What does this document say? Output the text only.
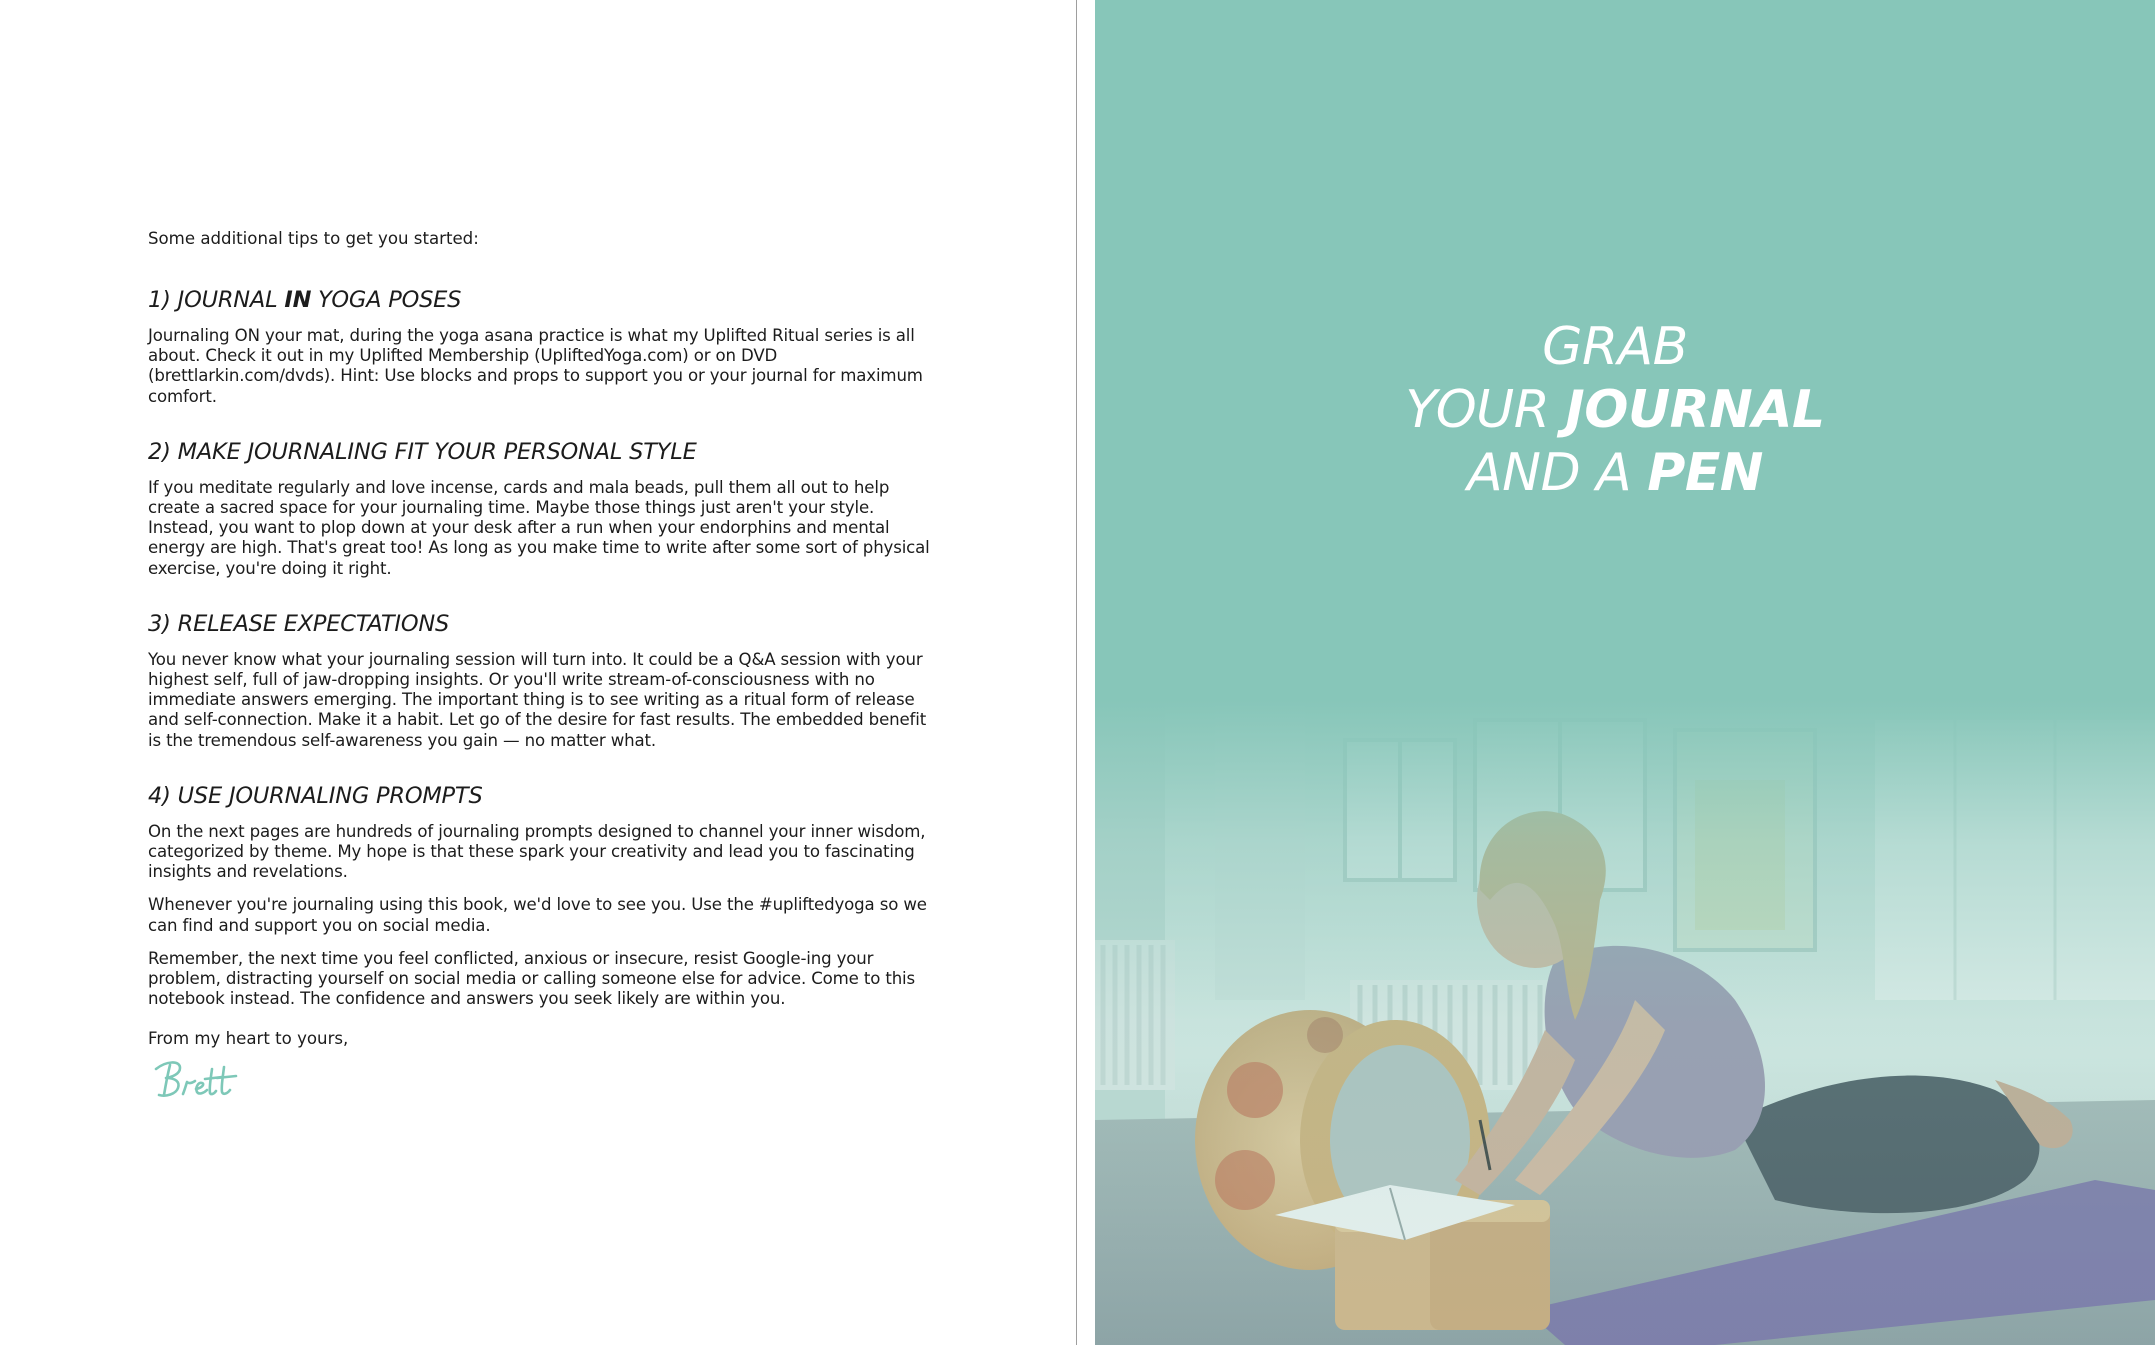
Some additional tips to get you started:

1) JOURNAL IN YOGA POSES

Journaling ON your mat, during the yoga asana practice is what my Uplifted Ritual series is all about. Check it out in my Uplifted Membership (UpliftedYoga.com) or on DVD (brettlarkin.com/dvds). Hint: Use blocks and props to support you or your journal for maximum comfort.

2) MAKE JOURNALING FIT YOUR PERSONAL STYLE

If you meditate regularly and love incense, cards and mala beads, pull them all out to help create a sacred space for your journaling time. Maybe those things just aren't your style. Instead, you want to plop down at your desk after a run when your endorphins and mental energy are high. That's great too! As long as you make time to write after some sort of physical exercise, you're doing it right.

3) RELEASE EXPECTATIONS

You never know what your journaling session will turn into. It could be a Q&A session with your highest self, full of jaw-dropping insights. Or you'll write stream-of-consciousness with no immediate answers emerging. The important thing is to see writing as a ritual form of release and self-connection. Make it a habit. Let go of the desire for fast results. The embedded benefit is the tremendous self-awareness you gain — no matter what.

4) USE JOURNALING PROMPTS

On the next pages are hundreds of journaling prompts designed to channel your inner wisdom, categorized by theme. My hope is that these spark your creativity and lead you to fascinating insights and revelations.

Whenever you're journaling using this book, we'd love to see you. Use the #upliftedyoga so we can find and support you on social media.

Remember, the next time you feel conflicted, anxious or insecure, resist Google-ing your problem, distracting yourself on social media or calling someone else for advice. Come to this notebook instead. The confidence and answers you seek likely are within you.

From my heart to yours,

GRAB
YOUR JOURNAL
AND A PEN
